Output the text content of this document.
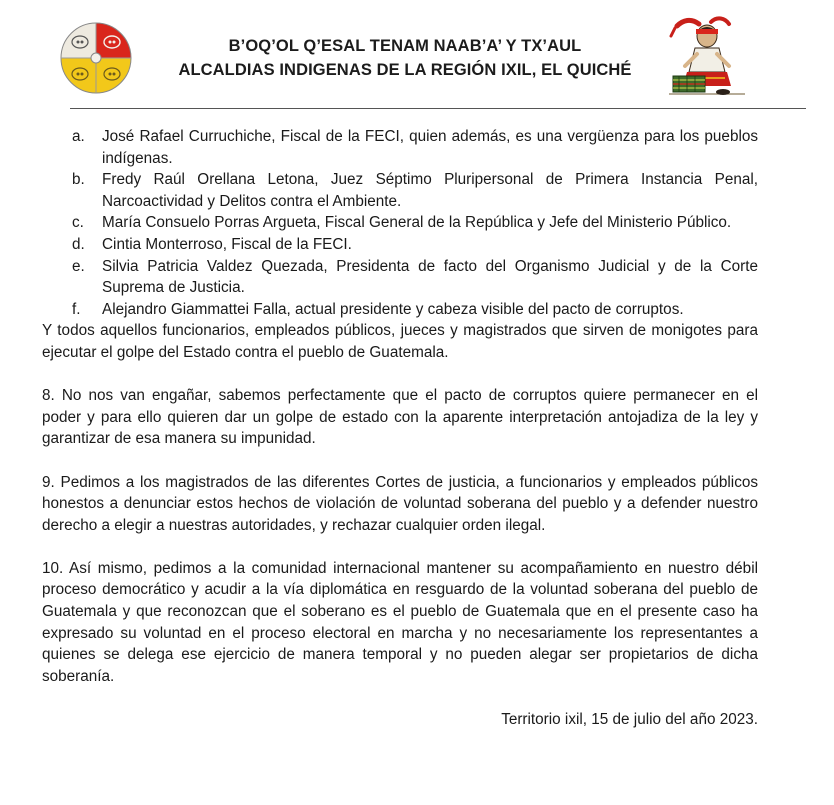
B’OQ’OL Q’ESAL TENAM NAAB’A’ Y TX’AUL
ALCALDIAS INDIGENAS DE LA REGIÓN IXIL, EL QUICHÉ
a. José Rafael Curruchiche, Fiscal de la FECI, quien además, es una vergüenza para los pueblos indígenas.
b. Fredy Raúl Orellana Letona, Juez Séptimo Pluripersonal de Primera Instancia Penal, Narcoactividad y Delitos contra el Ambiente.
c. María Consuelo Porras Argueta, Fiscal General de la República y Jefe del Ministerio Público.
d. Cintia Monterroso, Fiscal de la FECI.
e. Silvia Patricia Valdez Quezada, Presidenta de facto del Organismo Judicial y de la Corte Suprema de Justicia.
f. Alejandro Giammattei Falla, actual presidente y cabeza visible del pacto de corruptos.

Y todos aquellos funcionarios, empleados públicos, jueces y magistrados que sirven de monigotes para ejecutar el golpe del Estado contra el pueblo de Guatemala.

8. No nos van engañar, sabemos perfectamente que el pacto de corruptos quiere permanecer en el poder y para ello quieren dar un golpe de estado con la aparente interpretación antojadiza de la ley y garantizar de esa manera su impunidad.

9. Pedimos a los magistrados de las diferentes Cortes de justicia, a funcionarios y empleados públicos honestos a denunciar estos hechos de violación de voluntad soberana del pueblo y a defender nuestro derecho a elegir a nuestras autoridades, y rechazar cualquier orden ilegal.

10. Así mismo, pedimos a la comunidad internacional mantener su acompañamiento en nuestro débil proceso democrático y acudir a la vía diplomática en resguardo de la voluntad soberana del pueblo de Guatemala y que reconozcan que el soberano es el pueblo de Guatemala que en el presente caso ha expresado su voluntad en el proceso electoral en marcha y no necesariamente los representantes a quienes se delega ese ejercicio de manera temporal y no pueden alegar ser propietarios de dicha soberanía.

Territorio ixil, 15 de julio del año 2023.
